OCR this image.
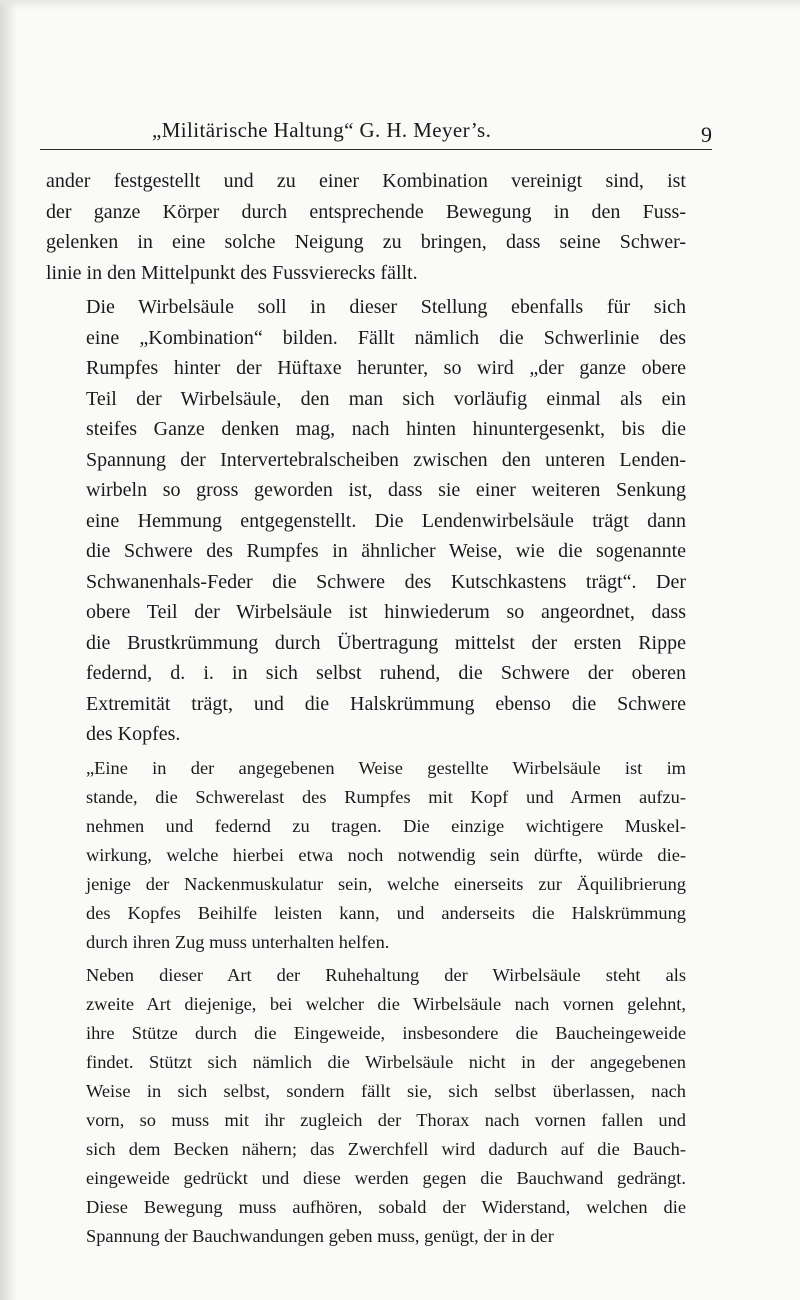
„Militärische Haltung“ G. H. Meyer’s.	9

ander festgestellt und zu einer Kombination vereinigt sind, ist
der ganze Körper durch entsprechende Bewegung in den Fuss-
gelenken in eine solche Neigung zu bringen, dass seine Schwer-
linie in den Mittelpunkt des Fussvierecks fällt.

Die Wirbelsäule soll in dieser Stellung ebenfalls für sich
eine „Kombination“ bilden. Fällt nämlich die Schwerlinie des
Rumpfes hinter der Hüftaxe herunter, so wird „der ganze obere
Teil der Wirbelsäule, den man sich vorläufig einmal als ein
steifes Ganze denken mag, nach hinten hinuntergesenkt, bis die
Spannung der Intervertebralscheiben zwischen den unteren Lenden-
wirbeln so gross geworden ist, dass sie einer weiteren Senkung
eine Hemmung entgegenstellt. Die Lendenwirbelsäule trägt dann
die Schwere des Rumpfes in ähnlicher Weise, wie die sogenannte
Schwanenhals-Feder die Schwere des Kutschkastens trägt“. Der
obere Teil der Wirbelsäule ist hinwiederum so angeordnet, dass
die Brustkrümmung durch Übertragung mittelst der ersten Rippe
federnd, d. i. in sich selbst ruhend, die Schwere der oberen
Extremität trägt, und die Halskrümmung ebenso die Schwere
des Kopfes.

„Eine in der angegebenen Weise gestellte Wirbelsäule ist im
stande, die Schwerelast des Rumpfes mit Kopf und Armen aufzu-
nehmen und federnd zu tragen. Die einzige wichtigere Muskel-
wirkung, welche hierbei etwa noch notwendig sein dürfte, würde die-
jenige der Nackenmuskulatur sein, welche einerseits zur Äquilibrierung
des Kopfes Beihilfe leisten kann, und anderseits die Halskrümmung
durch ihren Zug muss unterhalten helfen.

Neben dieser Art der Ruhehaltung der Wirbelsäule steht als
zweite Art diejenige, bei welcher die Wirbelsäule nach vornen gelehnt,
ihre Stütze durch die Eingeweide, insbesondere die Baucheingeweide
findet. Stützt sich nämlich die Wirbelsäule nicht in der angegebenen
Weise in sich selbst, sondern fällt sie, sich selbst überlassen, nach
vorn, so muss mit ihr zugleich der Thorax nach vornen fallen und
sich dem Becken nähern; das Zwerchfell wird dadurch auf die Bauch-
eingeweide gedrückt und diese werden gegen die Bauchwand gedrängt.
Diese Bewegung muss aufhören, sobald der Widerstand, welchen die
Spannung der Bauchwandungen geben muss, genügt, der in der
